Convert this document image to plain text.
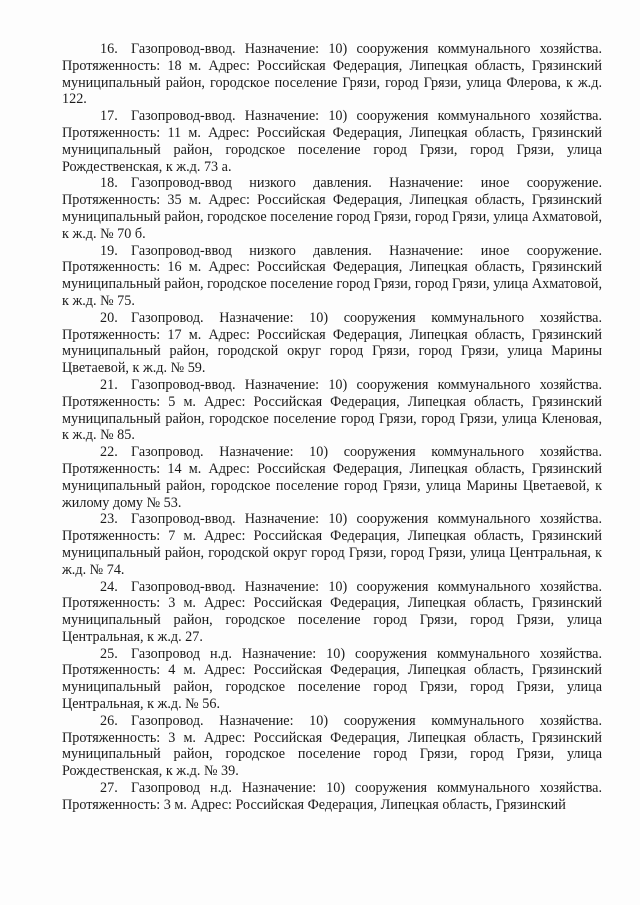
16. Газопровод-ввод. Назначение: 10) сооружения коммунального хозяйства. Протяженность: 18 м. Адрес: Российская Федерация, Липецкая область, Грязинский муниципальный район, городское поселение Грязи, город Грязи, улица Флерова, к ж.д. 122.

17. Газопровод-ввод. Назначение: 10) сооружения коммунального хозяйства. Протяженность: 11 м. Адрес: Российская Федерация, Липецкая область, Грязинский муниципальный район, городское поселение город Грязи, город Грязи, улица Рождественская, к ж.д. 73 а.

18. Газопровод-ввод низкого давления. Назначение: иное сооружение. Протяженность: 35 м. Адрес: Российская Федерация, Липецкая область, Грязинский муниципальный район, городское поселение город Грязи, город Грязи, улица Ахматовой, к ж.д. № 70 б.

19. Газопровод-ввод низкого давления. Назначение: иное сооружение. Протяженность: 16 м. Адрес: Российская Федерация, Липецкая область, Грязинский муниципальный район, городское поселение город Грязи, город Грязи, улица Ахматовой, к ж.д. № 75.

20. Газопровод. Назначение: 10) сооружения коммунального хозяйства. Протяженность: 17 м. Адрес: Российская Федерация, Липецкая область, Грязинский муниципальный район, городской округ город Грязи, город Грязи, улица Марины Цветаевой, к ж.д. № 59.

21. Газопровод-ввод. Назначение: 10) сооружения коммунального хозяйства. Протяженность: 5 м. Адрес: Российская Федерация, Липецкая область, Грязинский муниципальный район, городское поселение город Грязи, город Грязи, улица Кленовая, к ж.д. № 85.

22. Газопровод. Назначение: 10) сооружения коммунального хозяйства. Протяженность: 14 м. Адрес: Российская Федерация, Липецкая область, Грязинский муниципальный район, городское поселение город Грязи, улица Марины Цветаевой, к жилому дому № 53.

23. Газопровод-ввод. Назначение: 10) сооружения коммунального хозяйства. Протяженность: 7 м. Адрес: Российская Федерация, Липецкая область, Грязинский муниципальный район, городской округ город Грязи, город Грязи, улица Центральная, к ж.д. № 74.

24. Газопровод-ввод. Назначение: 10) сооружения коммунального хозяйства. Протяженность: 3 м. Адрес: Российская Федерация, Липецкая область, Грязинский муниципальный район, городское поселение город Грязи, город Грязи, улица Центральная, к ж.д. 27.

25. Газопровод н.д. Назначение: 10) сооружения коммунального хозяйства. Протяженность: 4 м. Адрес: Российская Федерация, Липецкая область, Грязинский муниципальный район, городское поселение город Грязи, город Грязи, улица Центральная, к ж.д. № 56.

26. Газопровод. Назначение: 10) сооружения коммунального хозяйства. Протяженность: 3 м. Адрес: Российская Федерация, Липецкая область, Грязинский муниципальный район, городское поселение город Грязи, город Грязи, улица Рождественская, к ж.д. № 39.

27. Газопровод н.д. Назначение: 10) сооружения коммунального хозяйства. Протяженность: 3 м. Адрес: Российская Федерация, Липецкая область, Грязинский
